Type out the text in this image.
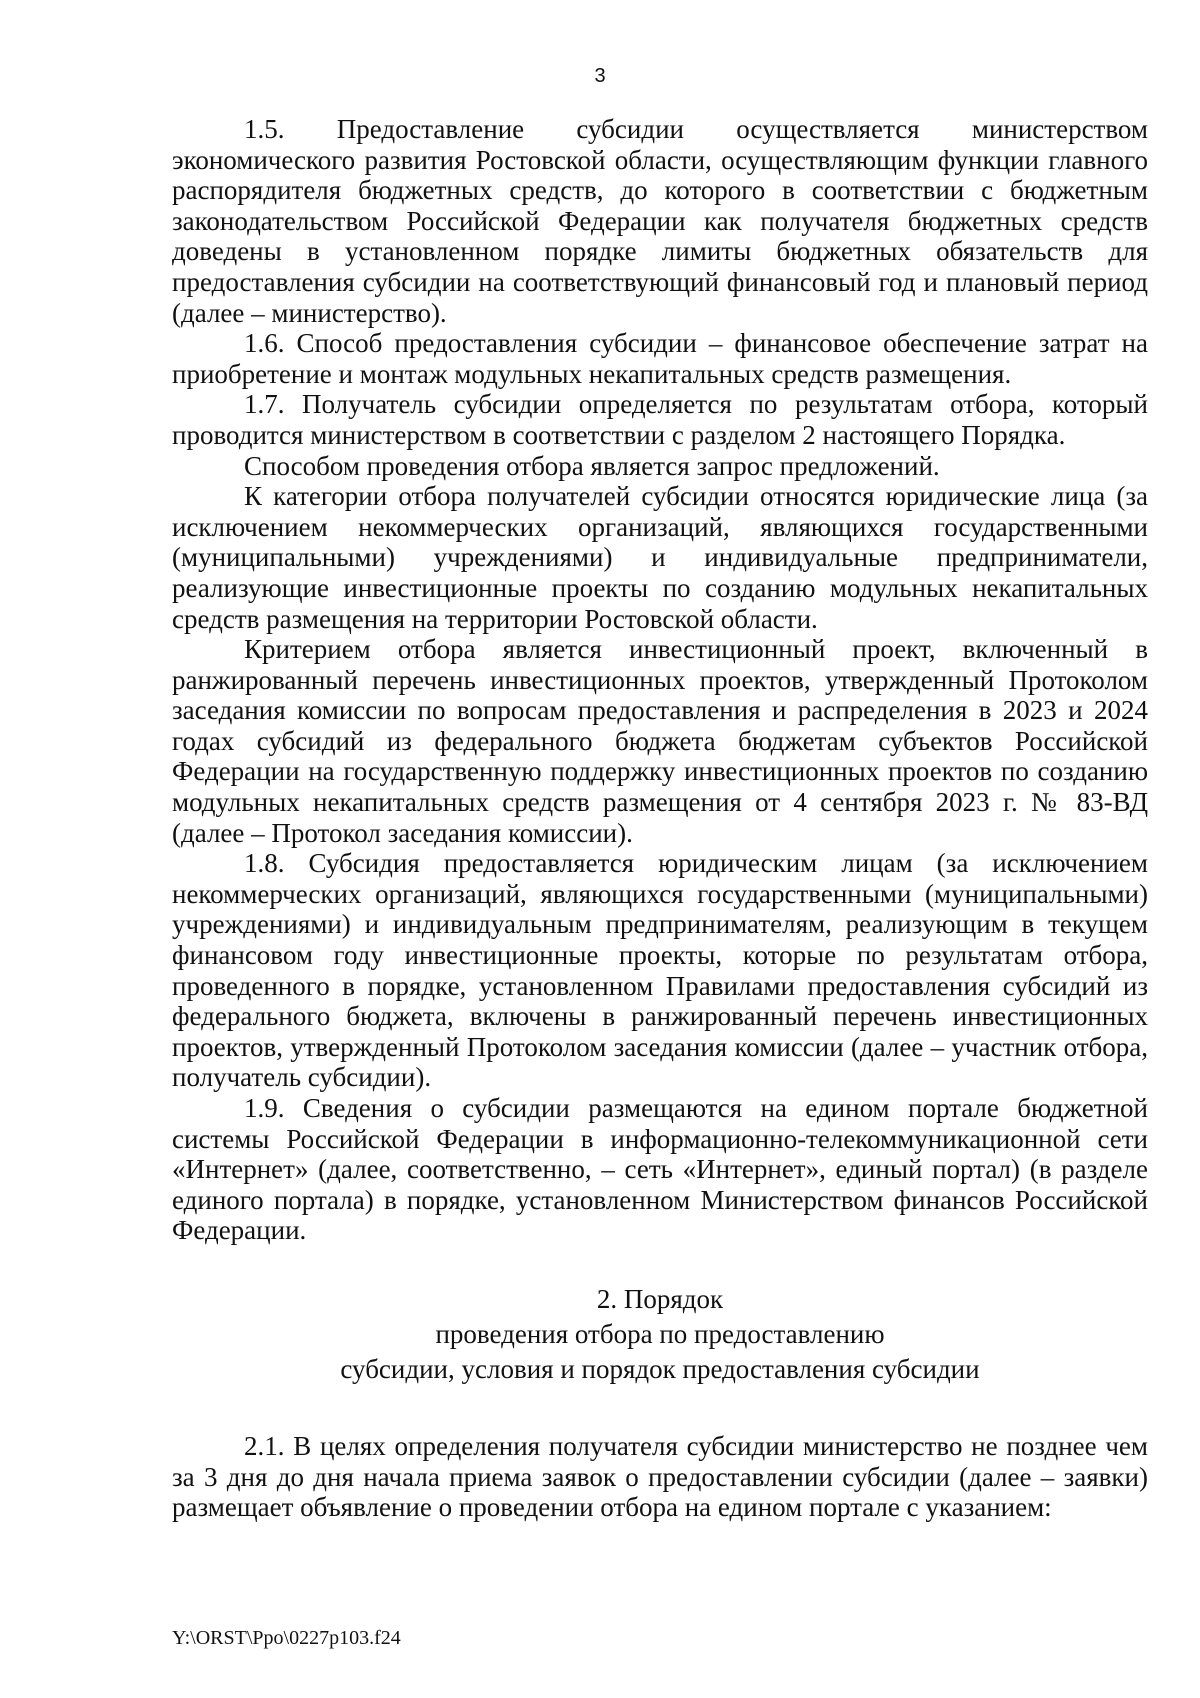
3

1.5. Предоставление субсидии осуществляется министерством экономического развития Ростовской области, осуществляющим функции главного распорядителя бюджетных средств, до которого в соответствии с бюджетным законодательством Российской Федерации как получателя бюджетных средств доведены в установленном порядке лимиты бюджетных обязательств для предоставления субсидии на соответствующий финансовый год и плановый период (далее – министерство).

1.6. Способ предоставления субсидии – финансовое обеспечение затрат на приобретение и монтаж модульных некапитальных средств размещения.

1.7. Получатель субсидии определяется по результатам отбора, который проводится министерством в соответствии с разделом 2 настоящего Порядка.

Способом проведения отбора является запрос предложений.

К категории отбора получателей субсидии относятся юридические лица (за исключением некоммерческих организаций, являющихся государственными (муниципальными) учреждениями) и индивидуальные предприниматели, реализующие инвестиционные проекты по созданию модульных некапитальных средств размещения на территории Ростовской области.

Критерием отбора является инвестиционный проект, включенный в ранжированный перечень инвестиционных проектов, утвержденный Протоколом заседания комиссии по вопросам предоставления и распределения в 2023 и 2024 годах субсидий из федерального бюджета бюджетам субъектов Российской Федерации на государственную поддержку инвестиционных проектов по созданию модульных некапитальных средств размещения от 4 сентября 2023 г. № 83-ВД (далее – Протокол заседания комиссии).

1.8. Субсидия предоставляется юридическим лицам (за исключением некоммерческих организаций, являющихся государственными (муниципальными) учреждениями) и индивидуальным предпринимателям, реализующим в текущем финансовом году инвестиционные проекты, которые по результатам отбора, проведенного в порядке, установленном Правилами предоставления субсидий из федерального бюджета, включены в ранжированный перечень инвестиционных проектов, утвержденный Протоколом заседания комиссии (далее – участник отбора, получатель субсидии).

1.9. Сведения о субсидии размещаются на едином портале бюджетной системы Российской Федерации в информационно-телекоммуникационной сети «Интернет» (далее, соответственно, – сеть «Интернет», единый портал) (в разделе единого портала) в порядке, установленном Министерством финансов Российской Федерации.

2. Порядок
проведения отбора по предоставлению
субсидии, условия и порядок предоставления субсидии

2.1. В целях определения получателя субсидии министерство не позднее чем за 3 дня до дня начала приема заявок о предоставлении субсидии (далее – заявки) размещает объявление о проведении отбора на едином портале с указанием:

Y:\ORST\Ppo\0227p103.f24
